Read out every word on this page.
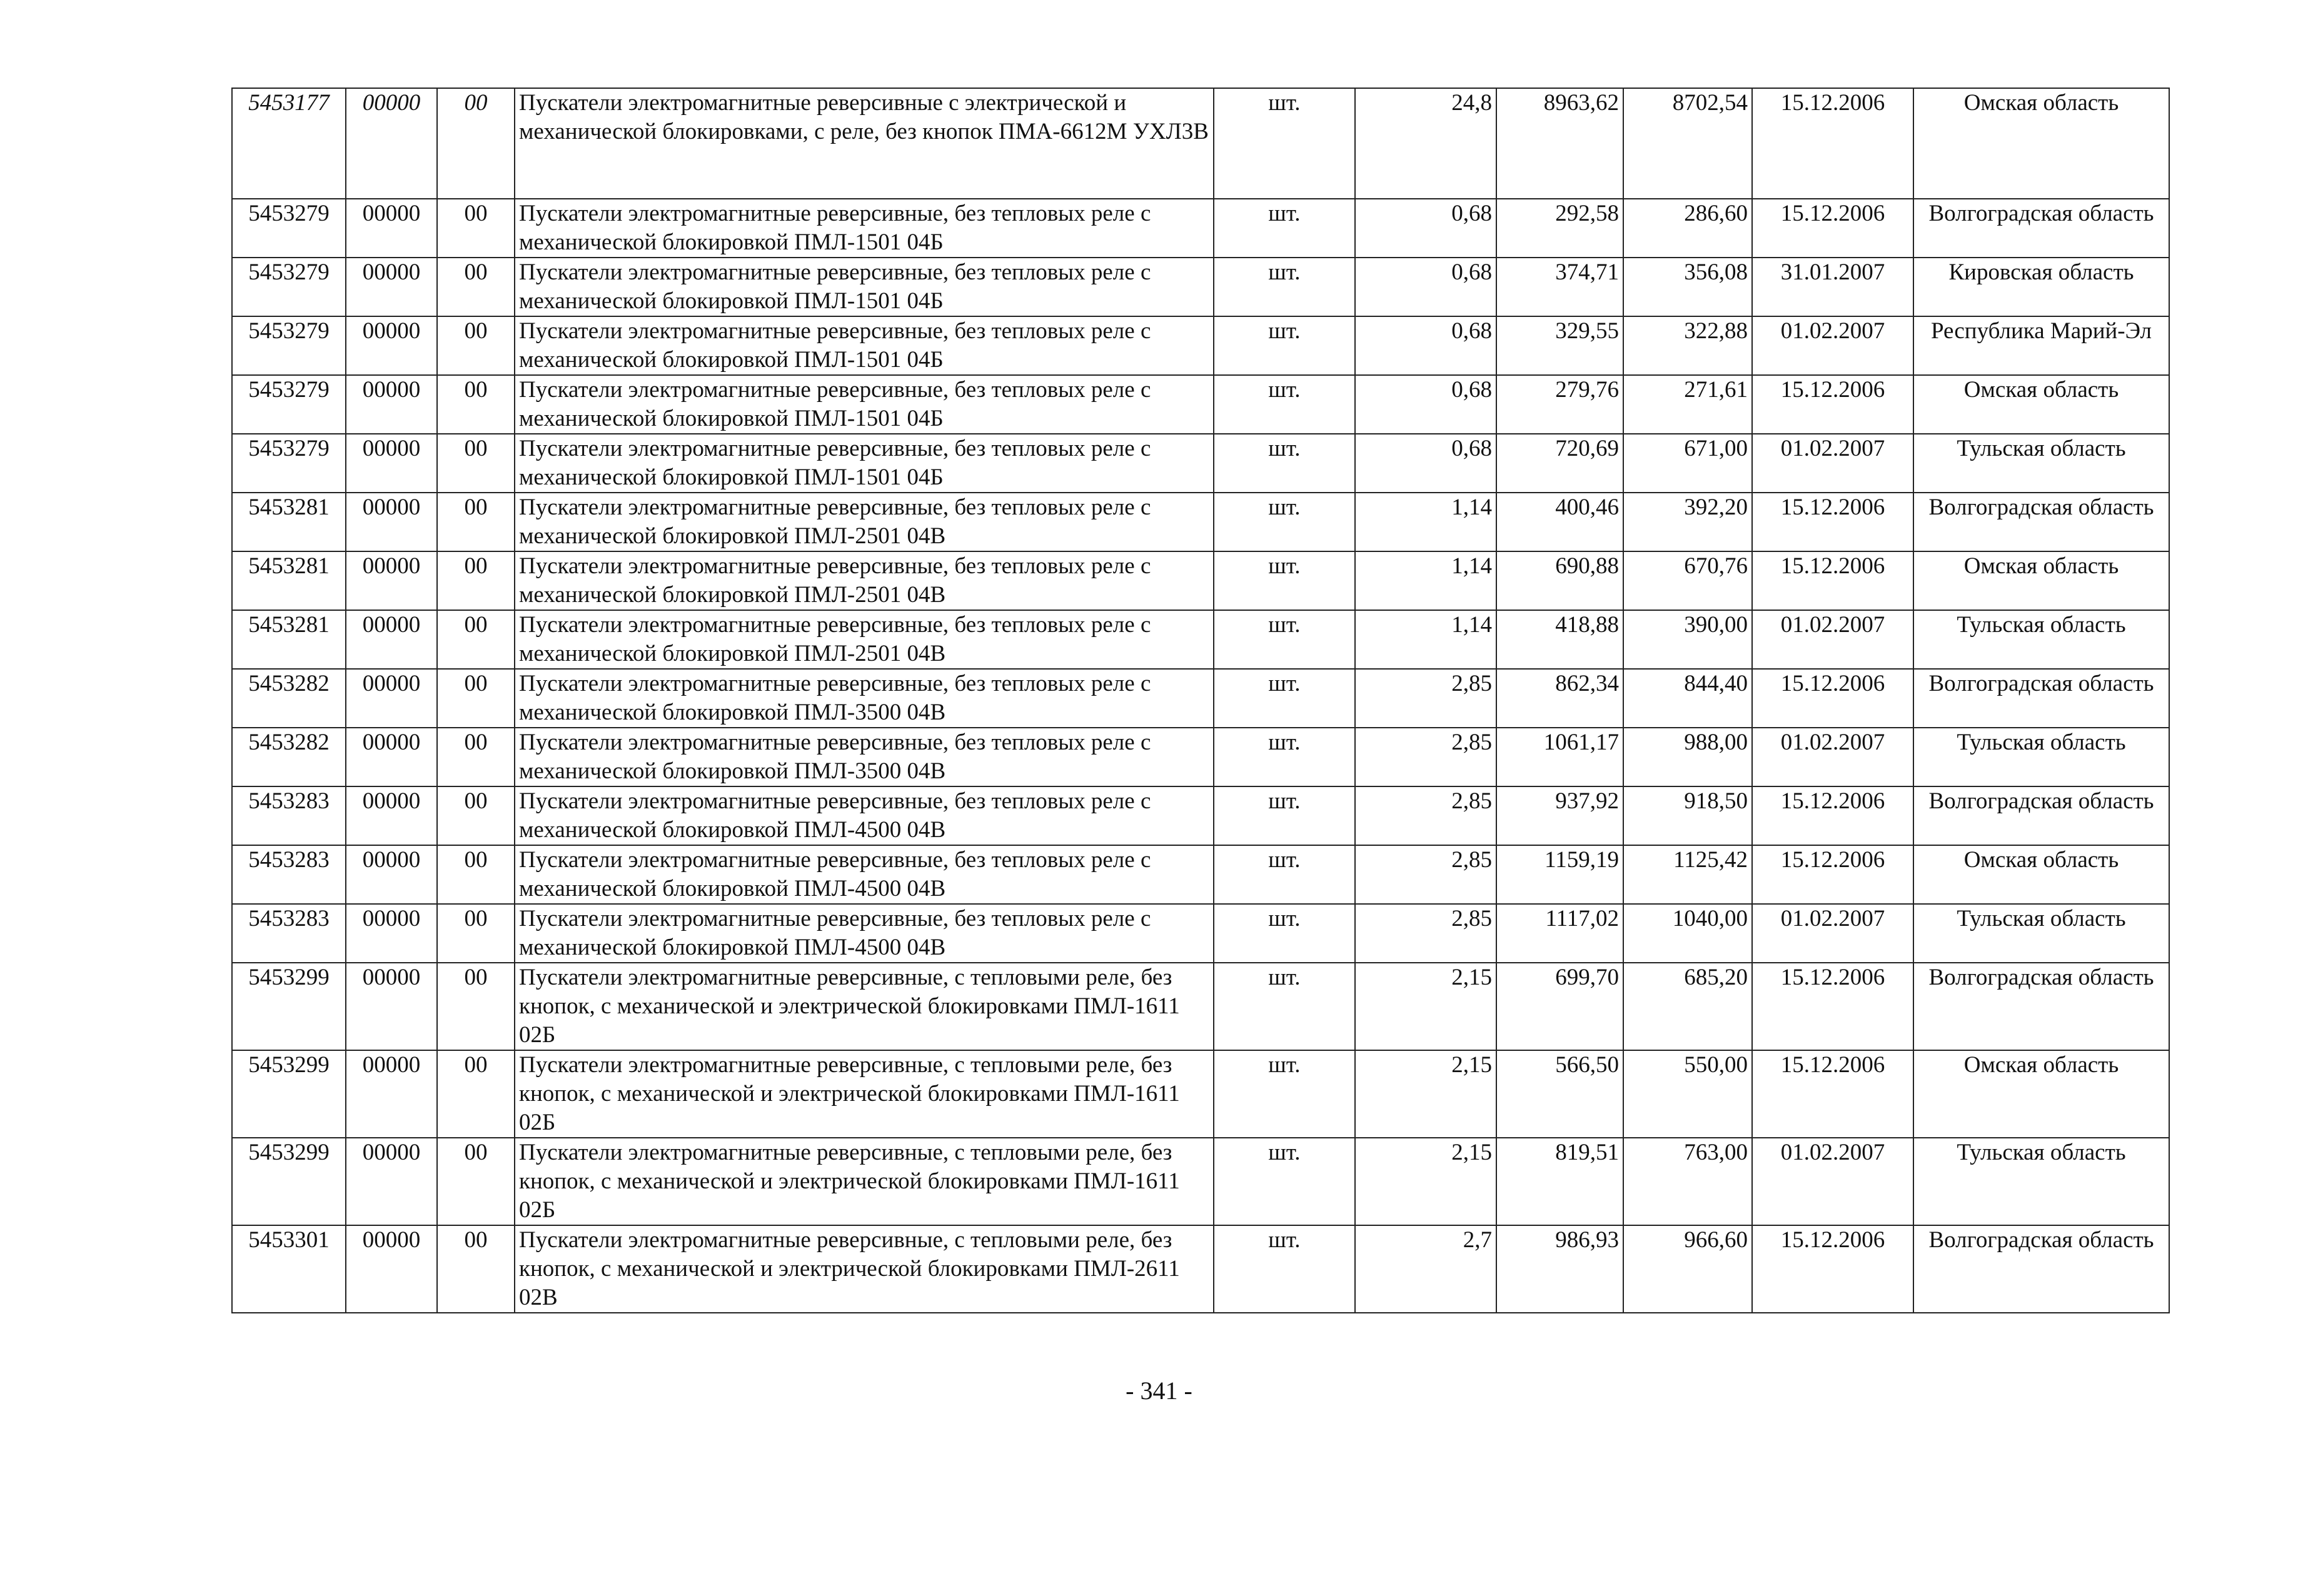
5453177	00000	00	Пускатели электромагнитные реверсивные с электрической и механической блокировками, с реле, без кнопок ПМА-6612М УХЛ3В	шт.	24,8	8963,62	8702,54	15.12.2006	Омская область
5453279	00000	00	Пускатели электромагнитные реверсивные, без тепловых реле с механической блокировкой ПМЛ-1501 04Б	шт.	0,68	292,58	286,60	15.12.2006	Волгоградская область
5453279	00000	00	Пускатели электромагнитные реверсивные, без тепловых реле с механической блокировкой ПМЛ-1501 04Б	шт.	0,68	374,71	356,08	31.01.2007	Кировская область
5453279	00000	00	Пускатели электромагнитные реверсивные, без тепловых реле с механической блокировкой ПМЛ-1501 04Б	шт.	0,68	329,55	322,88	01.02.2007	Республика Марий-Эл
5453279	00000	00	Пускатели электромагнитные реверсивные, без тепловых реле с механической блокировкой ПМЛ-1501 04Б	шт.	0,68	279,76	271,61	15.12.2006	Омская область
5453279	00000	00	Пускатели электромагнитные реверсивные, без тепловых реле с механической блокировкой ПМЛ-1501 04Б	шт.	0,68	720,69	671,00	01.02.2007	Тульская область
5453281	00000	00	Пускатели электромагнитные реверсивные, без тепловых реле с механической блокировкой ПМЛ-2501 04В	шт.	1,14	400,46	392,20	15.12.2006	Волгоградская область
5453281	00000	00	Пускатели электромагнитные реверсивные, без тепловых реле с механической блокировкой ПМЛ-2501 04В	шт.	1,14	690,88	670,76	15.12.2006	Омская область
5453281	00000	00	Пускатели электромагнитные реверсивные, без тепловых реле с механической блокировкой ПМЛ-2501 04В	шт.	1,14	418,88	390,00	01.02.2007	Тульская область
5453282	00000	00	Пускатели электромагнитные реверсивные, без тепловых реле с механической блокировкой ПМЛ-3500 04В	шт.	2,85	862,34	844,40	15.12.2006	Волгоградская область
5453282	00000	00	Пускатели электромагнитные реверсивные, без тепловых реле с механической блокировкой ПМЛ-3500 04В	шт.	2,85	1061,17	988,00	01.02.2007	Тульская область
5453283	00000	00	Пускатели электромагнитные реверсивные, без тепловых реле с механической блокировкой ПМЛ-4500 04В	шт.	2,85	937,92	918,50	15.12.2006	Волгоградская область
5453283	00000	00	Пускатели электромагнитные реверсивные, без тепловых реле с механической блокировкой ПМЛ-4500 04В	шт.	2,85	1159,19	1125,42	15.12.2006	Омская область
5453283	00000	00	Пускатели электромагнитные реверсивные, без тепловых реле с механической блокировкой ПМЛ-4500 04В	шт.	2,85	1117,02	1040,00	01.02.2007	Тульская область
5453299	00000	00	Пускатели электромагнитные реверсивные, с тепловыми реле, без кнопок, с механической и электрической блокировками ПМЛ-1611 02Б	шт.	2,15	699,70	685,20	15.12.2006	Волгоградская область
5453299	00000	00	Пускатели электромагнитные реверсивные, с тепловыми реле, без кнопок, с механической и электрической блокировками ПМЛ-1611 02Б	шт.	2,15	566,50	550,00	15.12.2006	Омская область
5453299	00000	00	Пускатели электромагнитные реверсивные, с тепловыми реле, без кнопок, с механической и электрической блокировками ПМЛ-1611 02Б	шт.	2,15	819,51	763,00	01.02.2007	Тульская область
5453301	00000	00	Пускатели электромагнитные реверсивные, с тепловыми реле, без кнопок, с механической и электрической блокировками ПМЛ-2611 02В	шт.	2,7	986,93	966,60	15.12.2006	Волгоградская область
- 341 -
